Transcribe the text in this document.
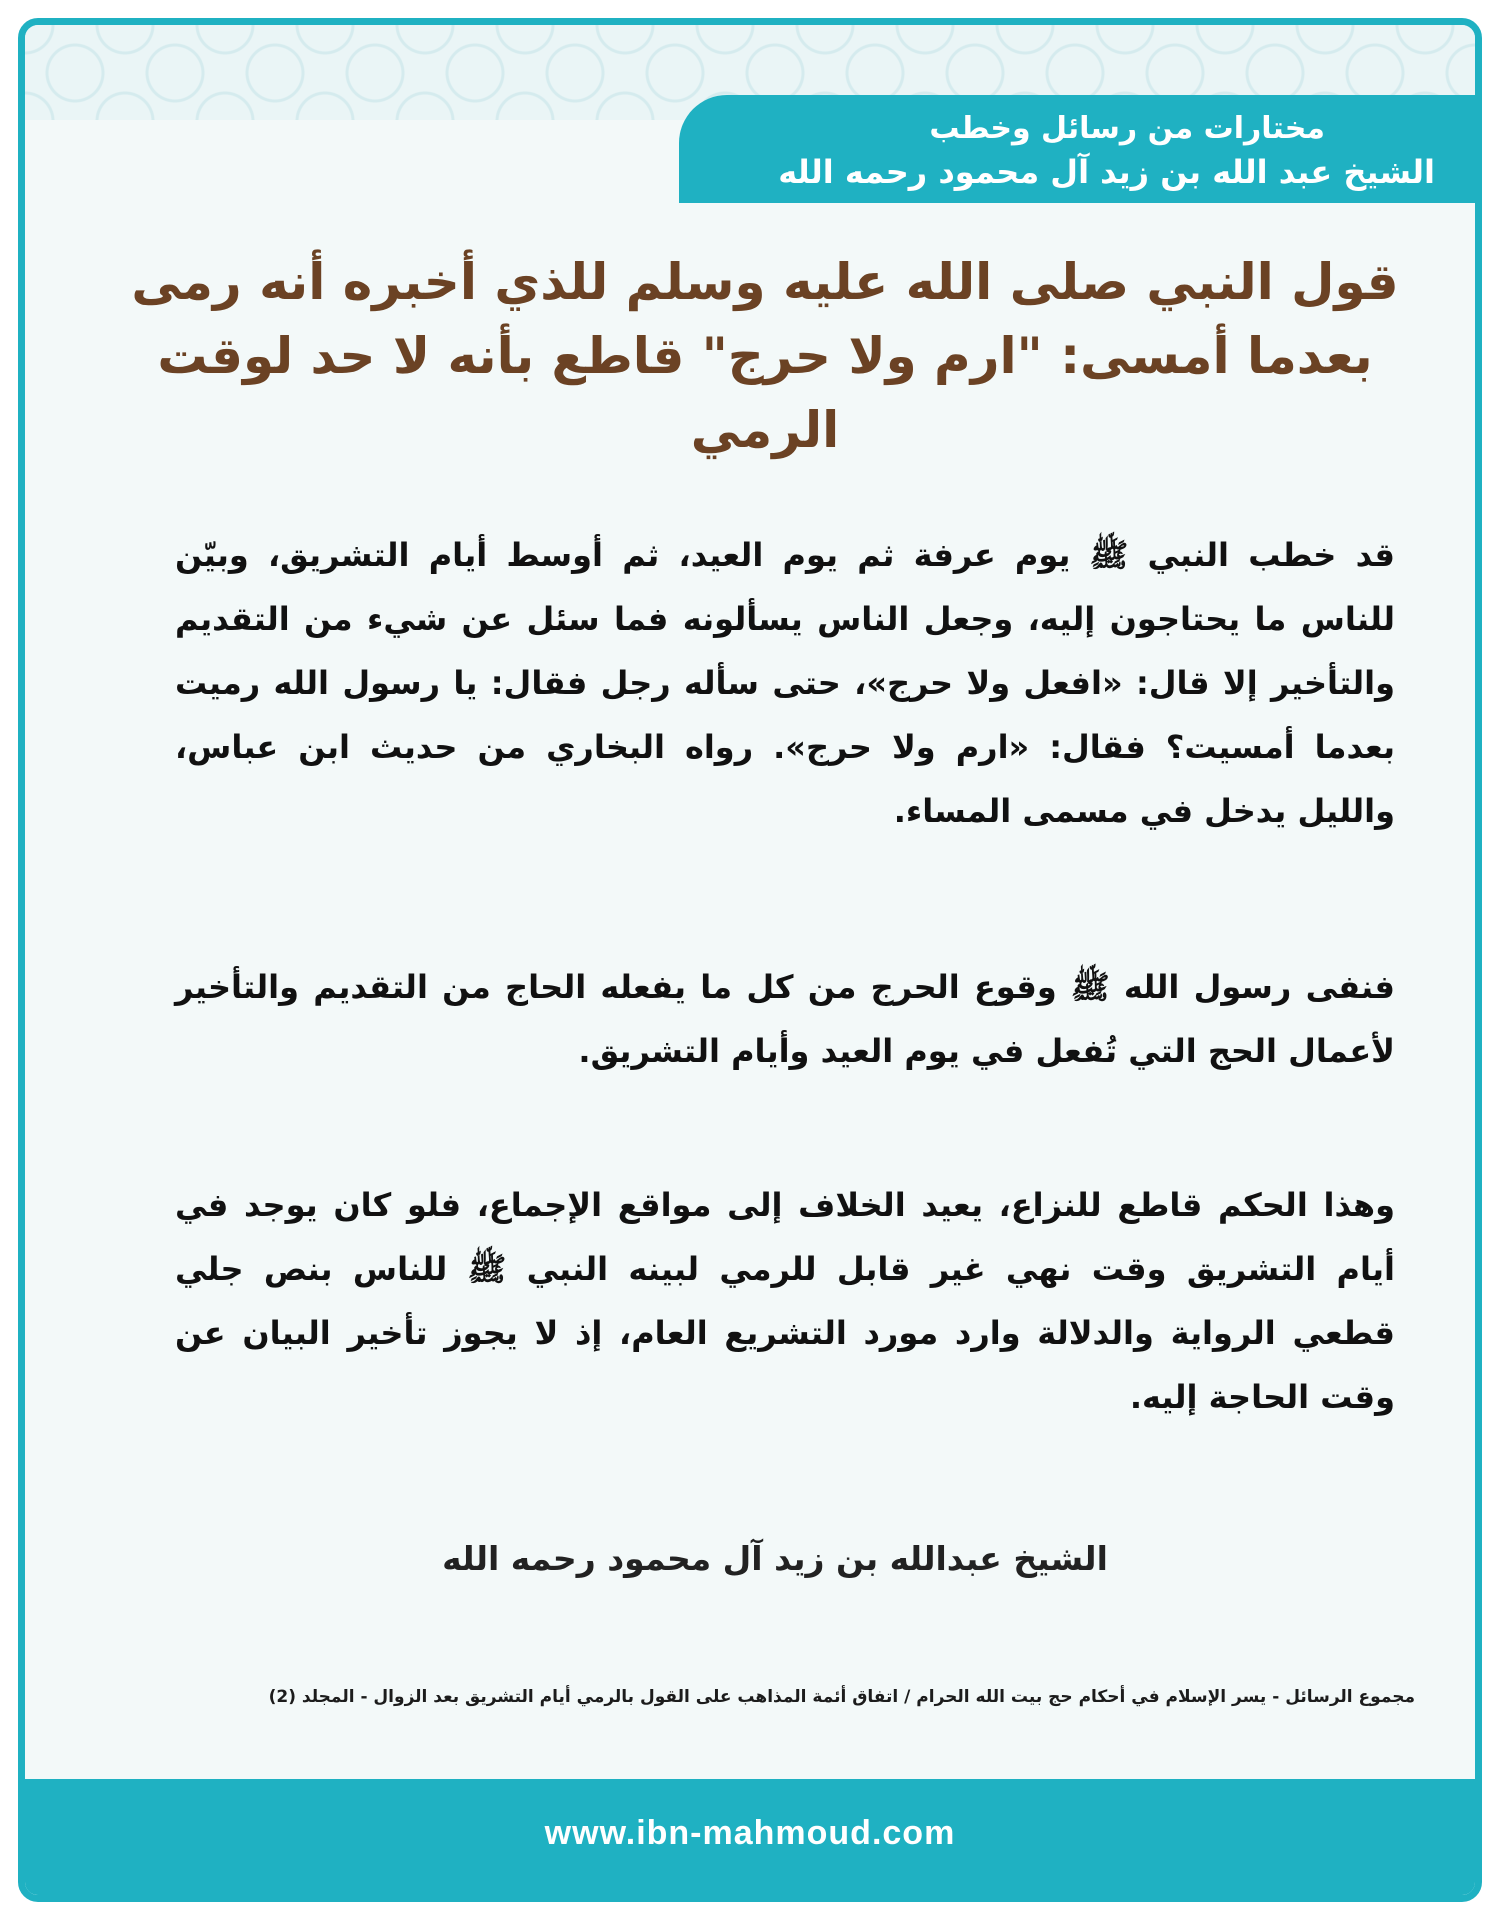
مختارات من رسائل وخطب
الشيخ عبد الله بن زيد آل محمود رحمه الله
قول النبي صلى الله عليه وسلم للذي أخبره أنه رمى بعدما أمسى: "ارم ولا حرج" قاطع بأنه لا حد لوقت الرمي
قد خطب النبي ﷺ يوم عرفة ثم يوم العيد، ثم أوسط أيام التشريق، وبيّن للناس ما يحتاجون إليه، وجعل الناس يسألونه فما سئل عن شيء من التقديم والتأخير إلا قال: «افعل ولا حرج»، حتى سأله رجل فقال: يا رسول الله رميت بعدما أمسيت؟ فقال: «ارم ولا حرج». رواه البخاري من حديث ابن عباس، والليل يدخل في مسمى المساء.
فنفى رسول الله ﷺ وقوع الحرج من كل ما يفعله الحاج من التقديم والتأخير لأعمال الحج التي تُفعل في يوم العيد وأيام التشريق.
وهذا الحكم قاطع للنزاع، يعيد الخلاف إلى مواقع الإجماع، فلو كان يوجد في أيام التشريق وقت نهي غير قابل للرمي لبينه النبي ﷺ للناس بنص جلي قطعي الرواية والدلالة وارد مورد التشريع العام، إذ لا يجوز تأخير البيان عن وقت الحاجة إليه.
الشيخ عبدالله بن زيد آل محمود رحمه الله
مجموع الرسائل - يسر الإسلام في أحكام حج بيت الله الحرام / اتفاق أئمة المذاهب على القول بالرمي أيام التشريق بعد الزوال - المجلد (2)
www.ibn-mahmoud.com
